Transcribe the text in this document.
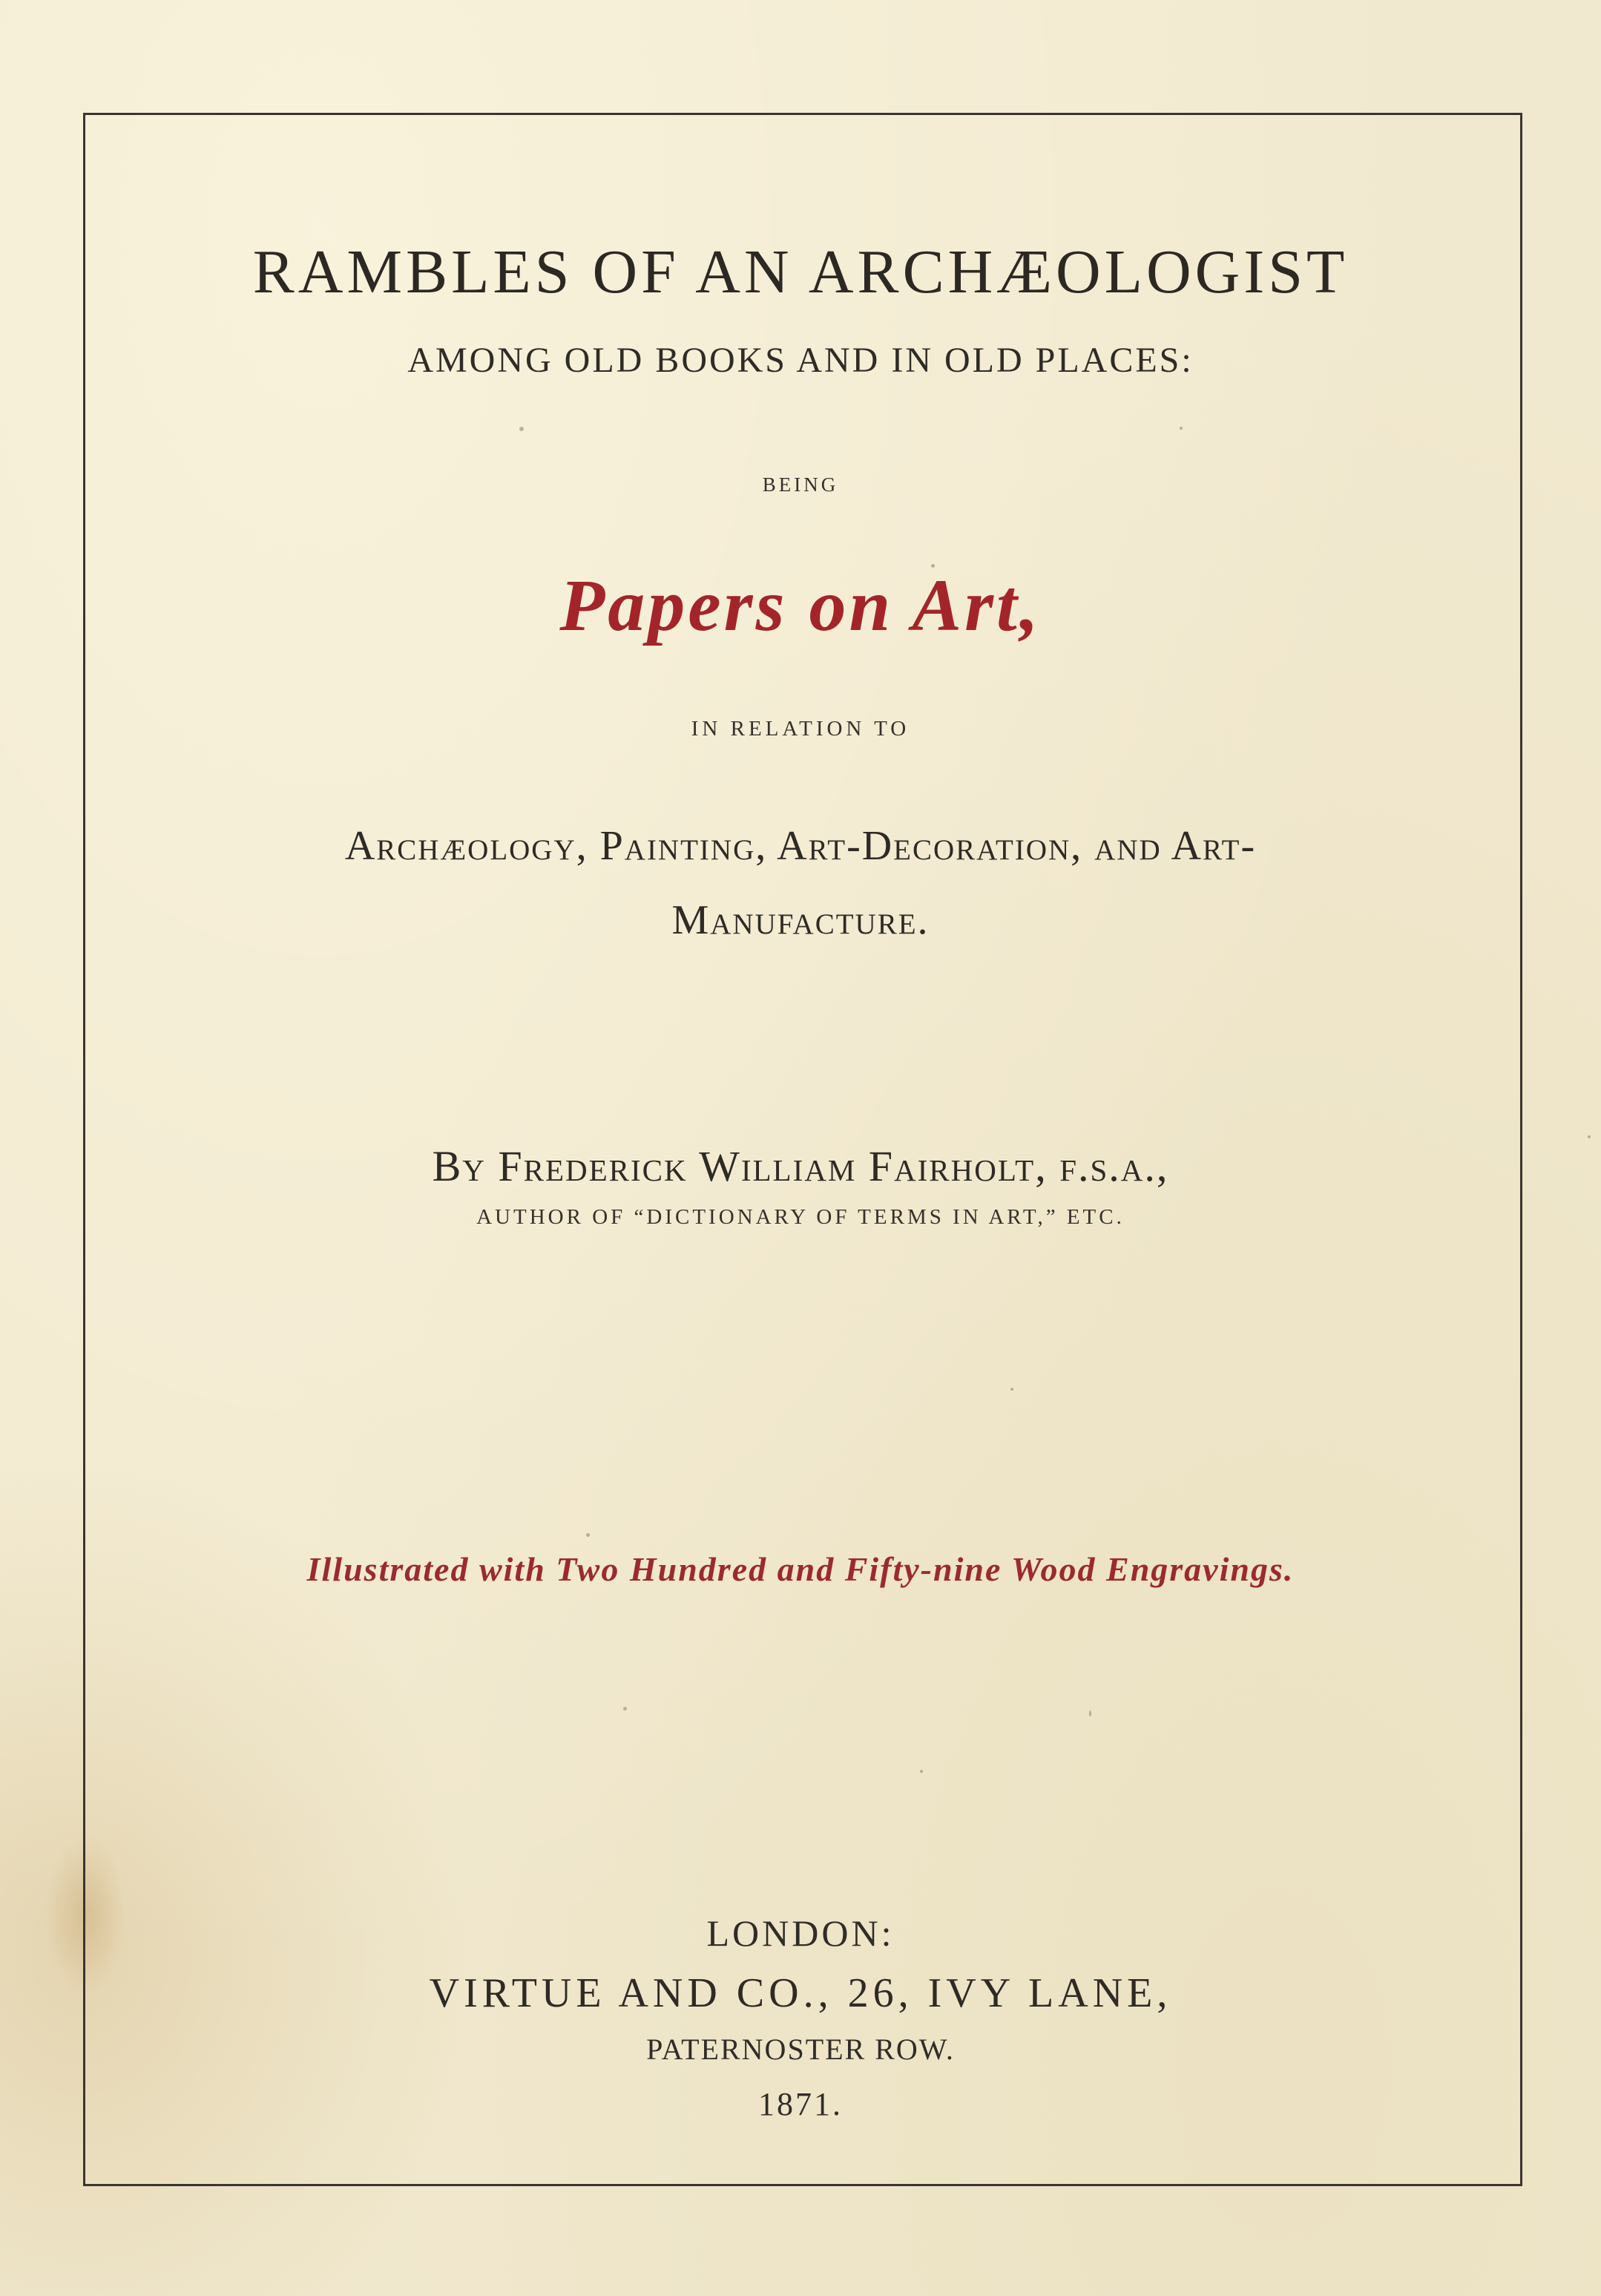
RAMBLES OF AN ARCHÆOLOGIST
AMONG OLD BOOKS AND IN OLD PLACES:
BEING
Papers on Art,
IN RELATION TO
Archæology, Painting, Art-Decoration, and Art-
Manufacture.
By Frederick William Fairholt, f.s.a.,
AUTHOR OF “DICTIONARY OF TERMS IN ART,” ETC.
Illustrated with Two Hundred and Fifty-nine Wood Engravings.
LONDON:
VIRTUE AND CO., 26, IVY LANE,
PATERNOSTER ROW.
1871.
